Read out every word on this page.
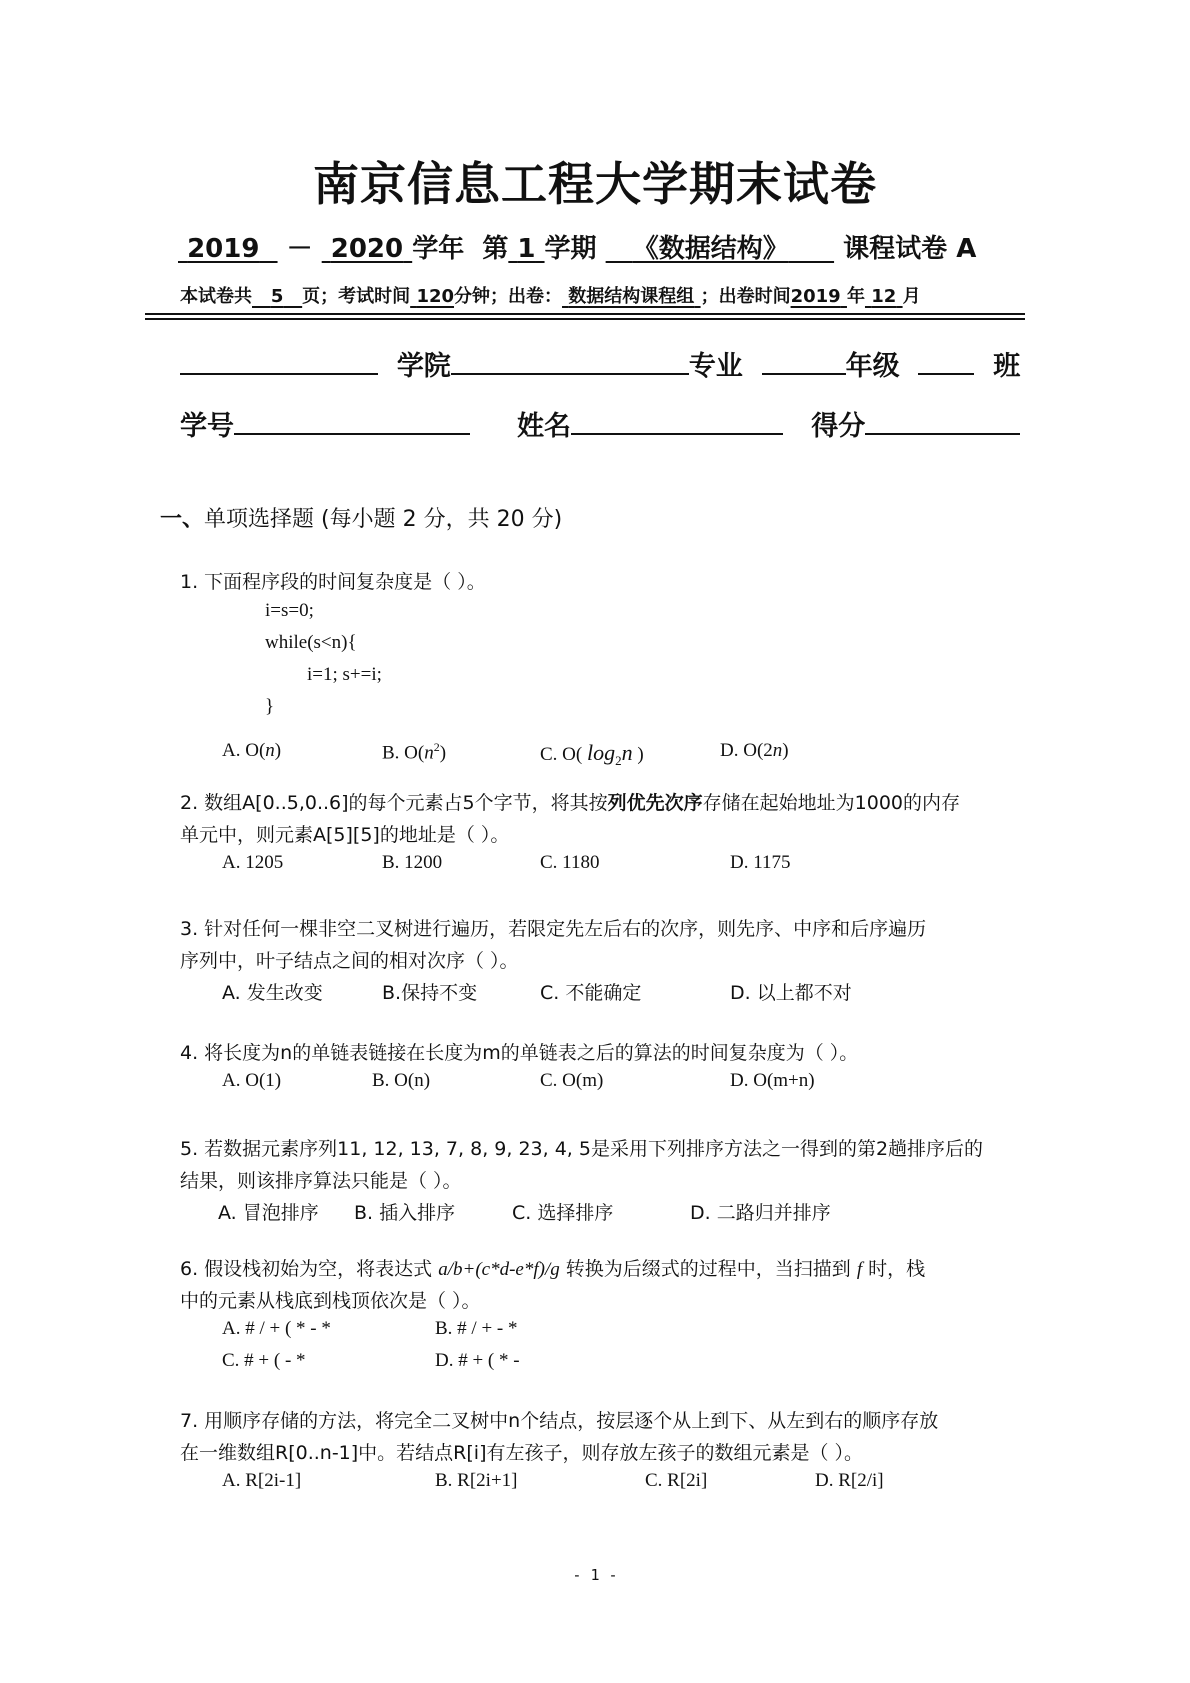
南京信息工程大学期末试卷
2019 － 2020 学年 第 1 学期 《数据结构》 课程试卷 A
本试卷共 5 页；考试时间 120分钟；出卷： 数据结构课程组 ；出卷时间2019 年 12 月
学院	专业	年级	班
学号	姓名	得分
一、单项选择题 (每小题 2 分，共 20 分)
1. 下面程序段的时间复杂度是（ ）。
i=s=0;
while(s<n){
i=1; s+=i;
}
A. O(n)	B. $O(n^2)$	C. O( $\log_2n$ )	D. O(2n)
2. 数组A[0..5,0..6]的每个元素占5个字节，将其按列优先次序存储在起始地址为1000的内存
单元中，则元素A[5][5]的地址是（ ）。
A. 1205	B. 1200	C. 1180	D. 1175
3. 针对任何一棵非空二叉树进行遍历，若限定先左后右的次序，则先序、中序和后序遍历
序列中，叶子结点之间的相对次序（ ）。
A. 发生改变	B.保持不变	C. 不能确定	D. 以上都不对
4. 将长度为n的单链表链接在长度为m的单链表之后的算法的时间复杂度为（ ）。
A. O(1)	B. O(n)	C. O(m)	D. O(m+n)
5. 若数据元素序列11, 12, 13, 7, 8, 9, 23, 4, 5是采用下列排序方法之一得到的第2趟排序后的
结果，则该排序算法只能是（ ）。
A. 冒泡排序 B. 插入排序	C. 选择排序	D. 二路归并排序
6. 假设栈初始为空，将表达式 a/b+(c*d-e*f)/g 转换为后缀式的过程中，当扫描到 f 时，栈
中的元素从栈底到栈顶依次是（ ）。
A. # / + ( * - *	B. # / + - *
C. # + ( - *	D. # + ( * -
7. 用顺序存储的方法，将完全二叉树中n个结点，按层逐个从上到下、从左到右的顺序存放
在一维数组R[0..n-1]中。若结点R[i]有左孩子，则存放左孩子的数组元素是（ ）。
A. R[2i-1]	B. R[2i+1]	C. R[2i]	D. R[2/i]
- 1 -
